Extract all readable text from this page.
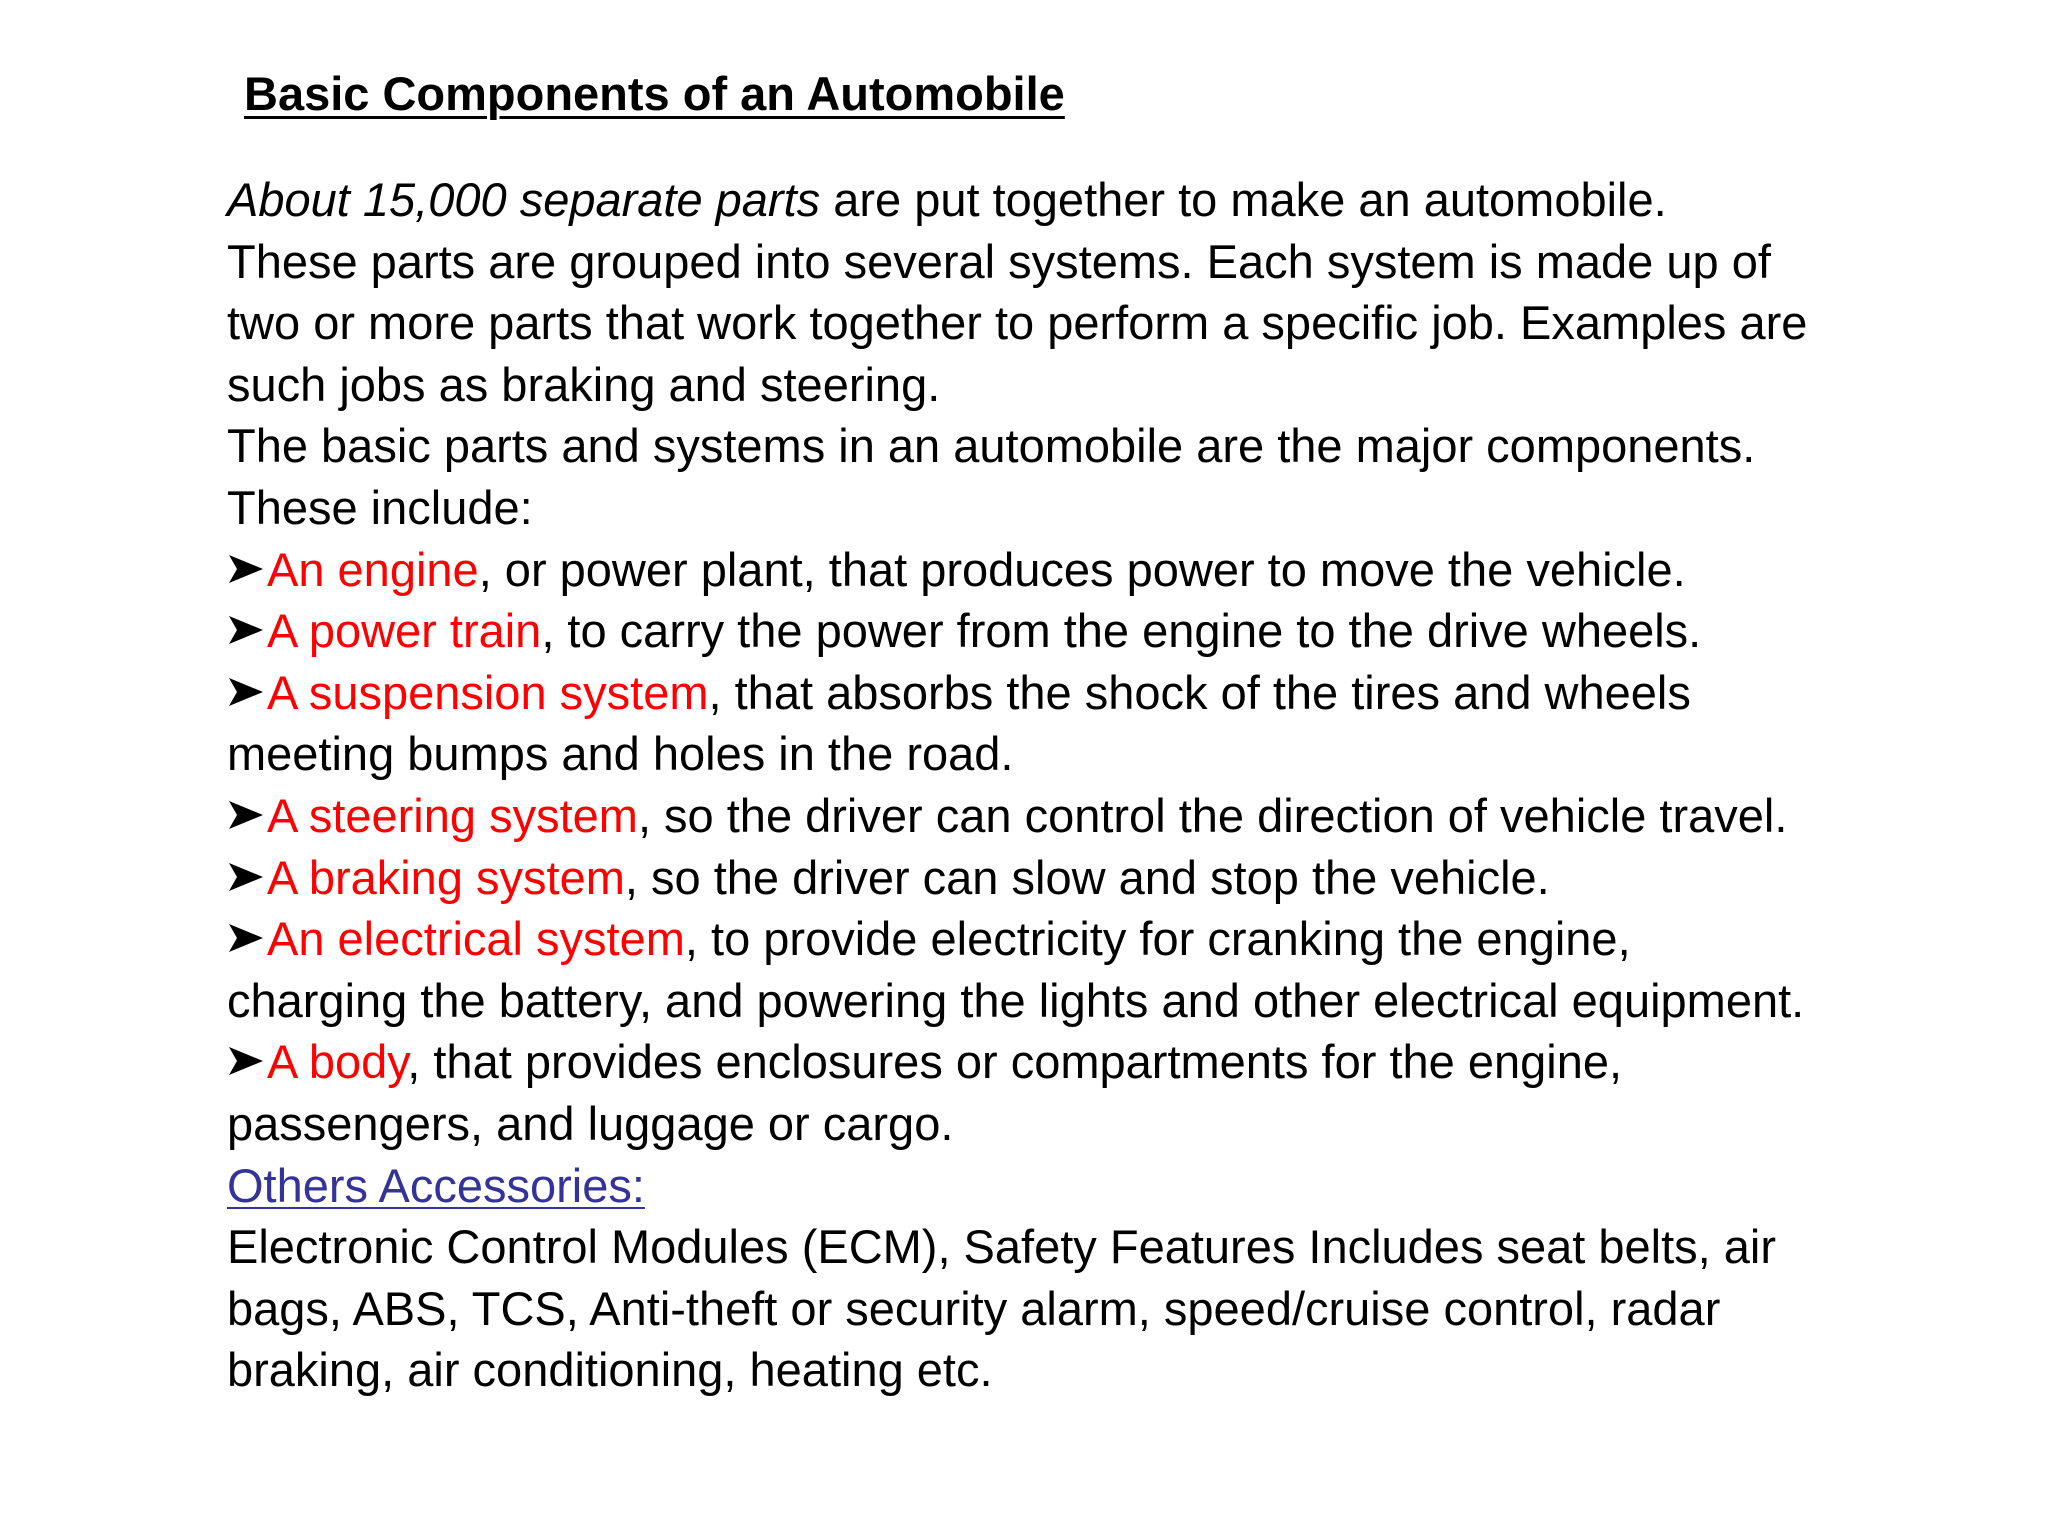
Basic Components of an Automobile
About 15,000 separate parts are put together to make an automobile.
These parts are grouped into several systems. Each system is made up of
two or more parts that work together to perform a specific job. Examples are
such jobs as braking and steering.
The basic parts and systems in an automobile are the major components.
These include:
An engine, or power plant, that produces power to move the vehicle.
A power train, to carry the power from the engine to the drive wheels.
A suspension system, that absorbs the shock of the tires and wheels
meeting bumps and holes in the road.
A steering system, so the driver can control the direction of vehicle travel.
A braking system, so the driver can slow and stop the vehicle.
An electrical system, to provide electricity for cranking the engine,
charging the battery, and powering the lights and other electrical equipment.
A body, that provides enclosures or compartments for the engine,
passengers, and luggage or cargo.
Others Accessories:
Electronic Control Modules (ECM), Safety Features Includes seat belts, air
bags, ABS, TCS, Anti-theft or security alarm, speed/cruise control, radar
braking, air conditioning, heating etc.
